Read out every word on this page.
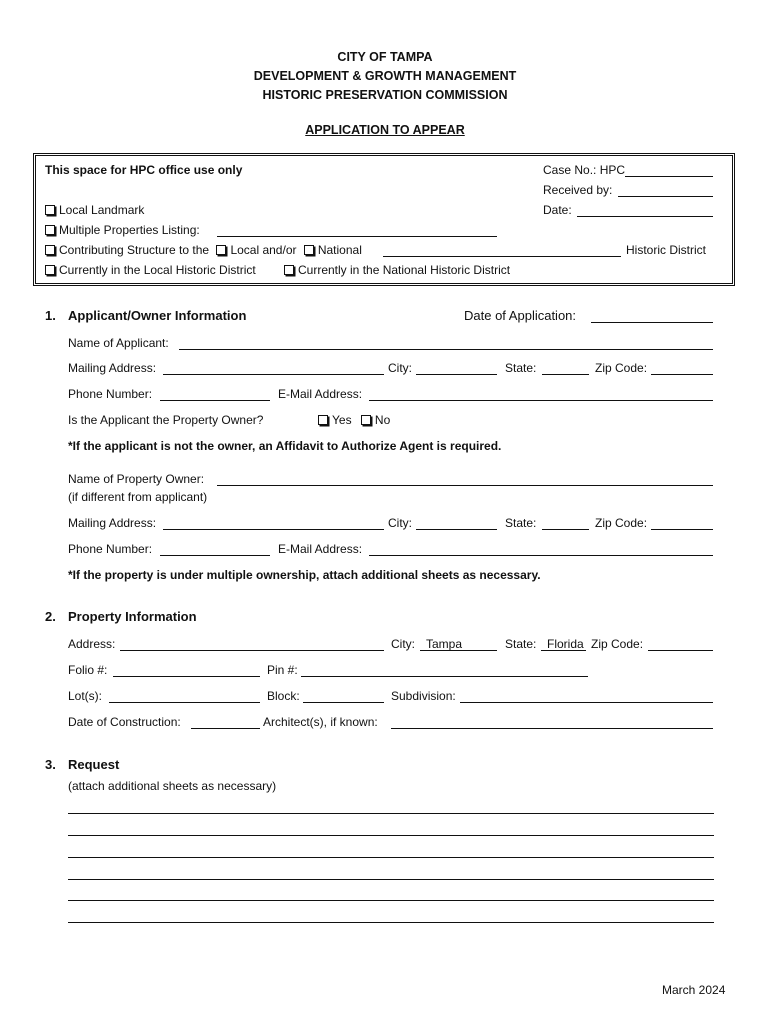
CITY OF TAMPA
DEVELOPMENT & GROWTH MANAGEMENT
HISTORIC PRESERVATION COMMISSION
APPLICATION TO APPEAR
This space for HPC office use only	Case No.: HPC
Received by:
Date:
Local Landmark
Multiple Properties Listing:
Contributing Structure to the Local and/or National	Historic District
Currently in the Local Historic District	Currently in the National Historic District
1. Applicant/Owner Information	Date of Application:
Name of Applicant:
Mailing Address:	City:	State:	Zip Code:
Phone Number:	E-Mail Address:
Is the Applicant the Property Owner?	Yes No
*If the applicant is not the owner, an Affidavit to Authorize Agent is required.
Name of Property Owner:
(if different from applicant)
Mailing Address:	City:	State:	Zip Code:
Phone Number:	E-Mail Address:
*If the property is under multiple ownership, attach additional sheets as necessary.
2. Property Information
Address:	City: Tampa	State: Florida Zip Code:
Folio #:	Pin #:
Lot(s):	Block:	Subdivision:
Date of Construction:	Architect(s), if known:
3. Request
(attach additional sheets as necessary)
March 2024
